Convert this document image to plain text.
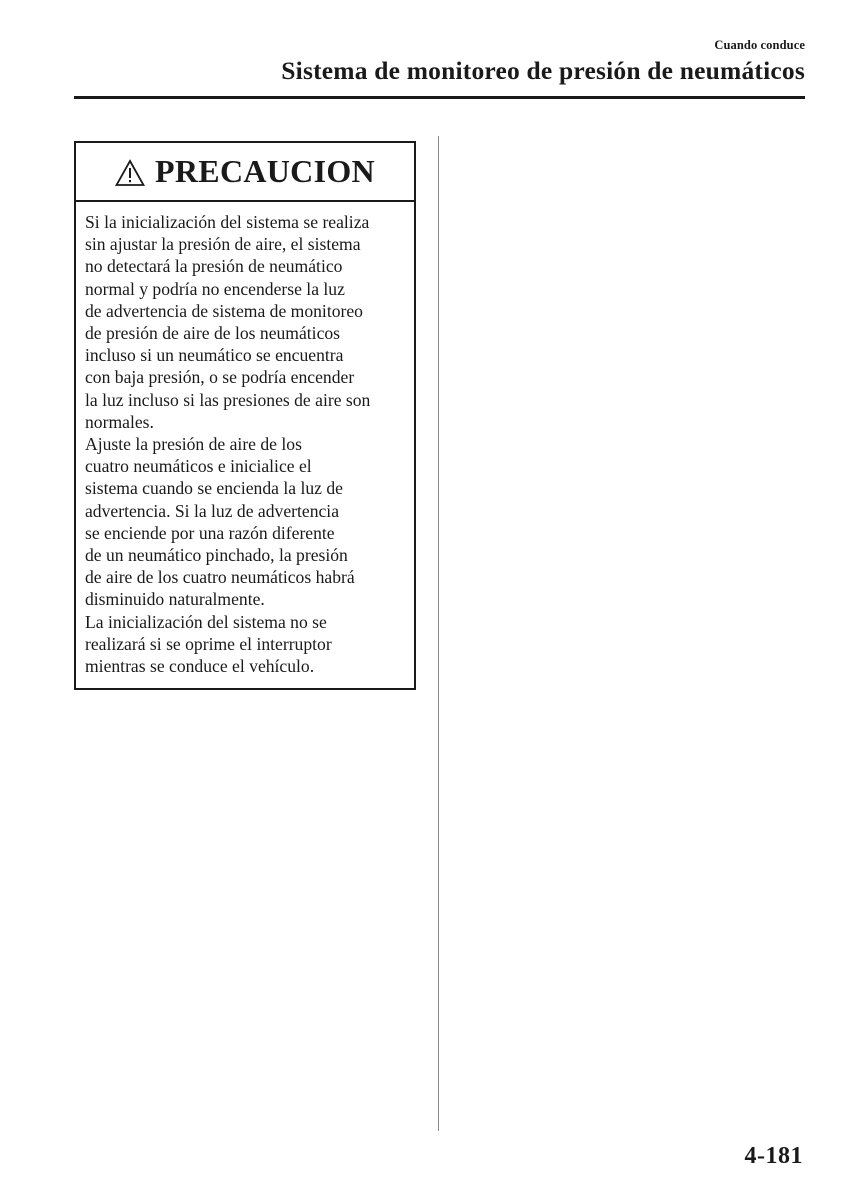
Cuando conduce
Sistema de monitoreo de presión de neumáticos
PRECAUCION
Si la inicialización del sistema se realiza
sin ajustar la presión de aire, el sistema
no detectará la presión de neumático
normal y podría no encenderse la luz
de advertencia de sistema de monitoreo
de presión de aire de los neumáticos
incluso si un neumático se encuentra
con baja presión, o se podría encender
la luz incluso si las presiones de aire son
normales.
Ajuste la presión de aire de los
cuatro neumáticos e inicialice el
sistema cuando se encienda la luz de
advertencia. Si la luz de advertencia
se enciende por una razón diferente
de un neumático pinchado, la presión
de aire de los cuatro neumáticos habrá
disminuido naturalmente.
La inicialización del sistema no se
realizará si se oprime el interruptor
mientras se conduce el vehículo.
4-181
